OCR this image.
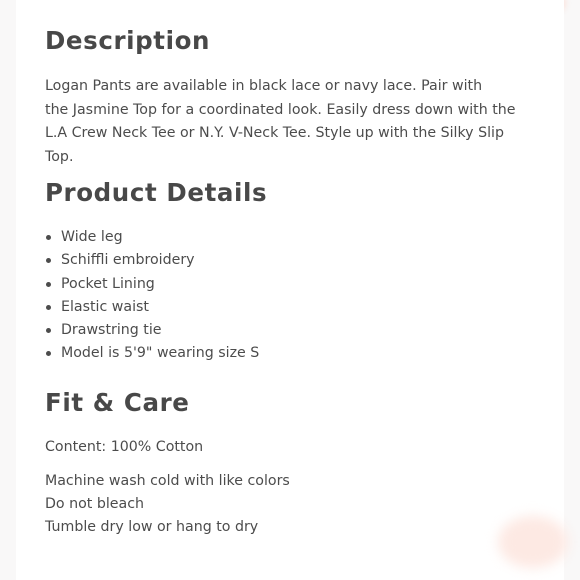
Description
Logan Pants are available in black lace or navy lace. Pair with
the Jasmine Top for a coordinated look. Easily dress down with the
L.A Crew Neck Tee or N.Y. V-Neck Tee. Style up with the Silky Slip
Top.
Product Details
Wide leg
Schiffli embroidery
Pocket Lining
Elastic waist
Drawstring tie
Model is 5'9" wearing size S
Fit & Care
Content: 100% Cotton
Machine wash cold with like colors
Do not bleach
Tumble dry low or hang to dry
